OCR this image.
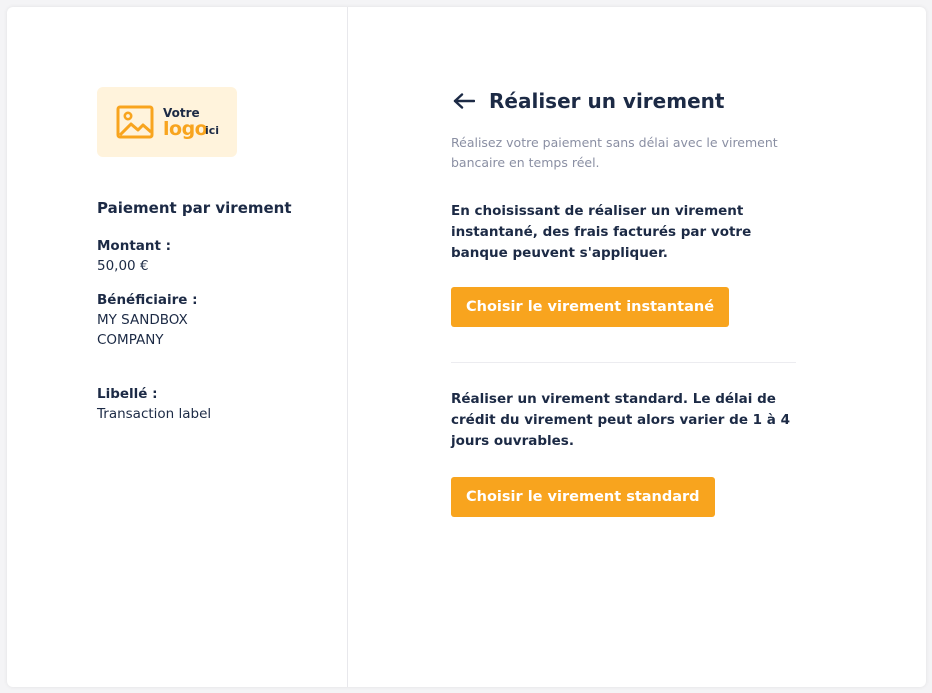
Votre
logo
ici
Paiement par virement
Montant :
50,00 €
Bénéficiaire :
MY SANDBOX COMPANY
Libellé :
Transaction label
Réaliser un virement
Réalisez votre paiement sans délai avec le virement bancaire en temps réel.
En choisissant de réaliser un virement instantané, des frais facturés par votre banque peuvent s'appliquer.
Choisir le virement instantané
Réaliser un virement standard. Le délai de crédit du virement peut alors varier de 1 à 4 jours ouvrables.
Choisir le virement standard
